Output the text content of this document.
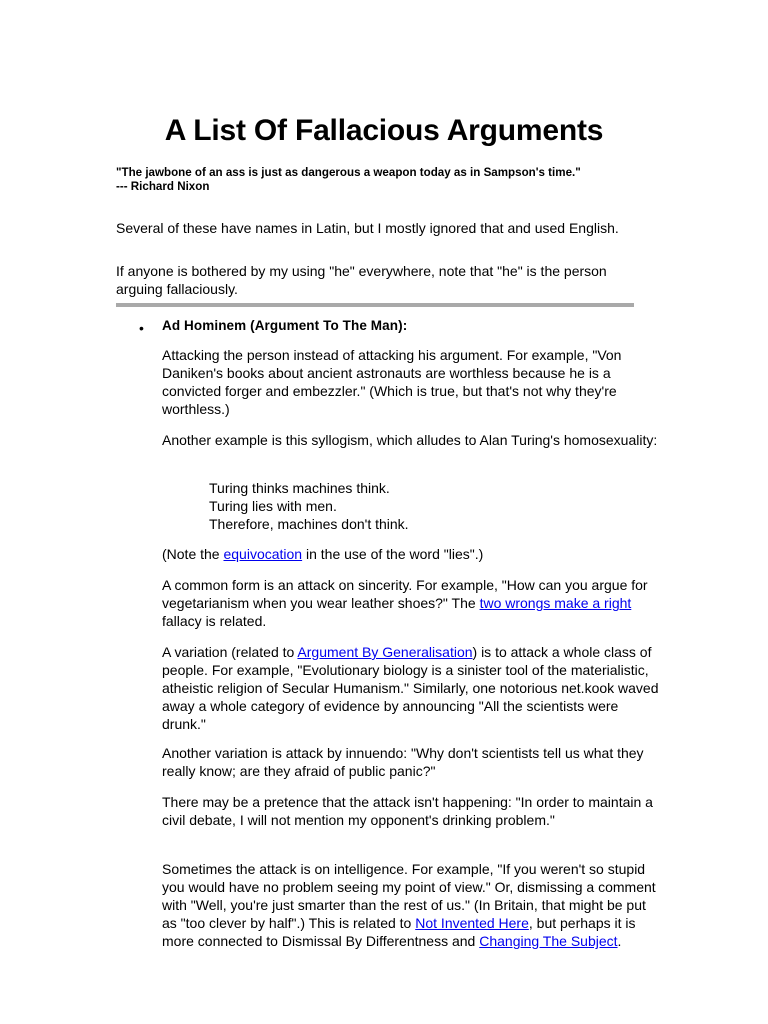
A List Of Fallacious Arguments
"The jawbone of an ass is just as dangerous a weapon today as in Sampson's time."
--- Richard Nixon

Several of these have names in Latin, but I mostly ignored that and used English.

If anyone is bothered by my using "he" everywhere, note that "he" is the person arguing fallaciously.

• Ad Hominem (Argument To The Man):

Attacking the person instead of attacking his argument. For example, "Von Daniken's books about ancient astronauts are worthless because he is a convicted forger and embezzler." (Which is true, but that's not why they're worthless.)

Another example is this syllogism, which alludes to Alan Turing's homosexuality:

Turing thinks machines think.
Turing lies with men.
Therefore, machines don't think.

(Note the equivocation in the use of the word "lies".)

A common form is an attack on sincerity. For example, "How can you argue for vegetarianism when you wear leather shoes?" The two wrongs make a right fallacy is related.

A variation (related to Argument By Generalisation) is to attack a whole class of people. For example, "Evolutionary biology is a sinister tool of the materialistic, atheistic religion of Secular Humanism." Similarly, one notorious net.kook waved away a whole category of evidence by announcing "All the scientists were drunk."

Another variation is attack by innuendo: "Why don't scientists tell us what they really know; are they afraid of public panic?"

There may be a pretence that the attack isn't happening: "In order to maintain a civil debate, I will not mention my opponent's drinking problem."

Sometimes the attack is on intelligence. For example, "If you weren't so stupid you would have no problem seeing my point of view." Or, dismissing a comment with "Well, you're just smarter than the rest of us." (In Britain, that might be put as "too clever by half".) This is related to Not Invented Here, but perhaps it is more connected to Dismissal By Differentness and Changing The Subject.
